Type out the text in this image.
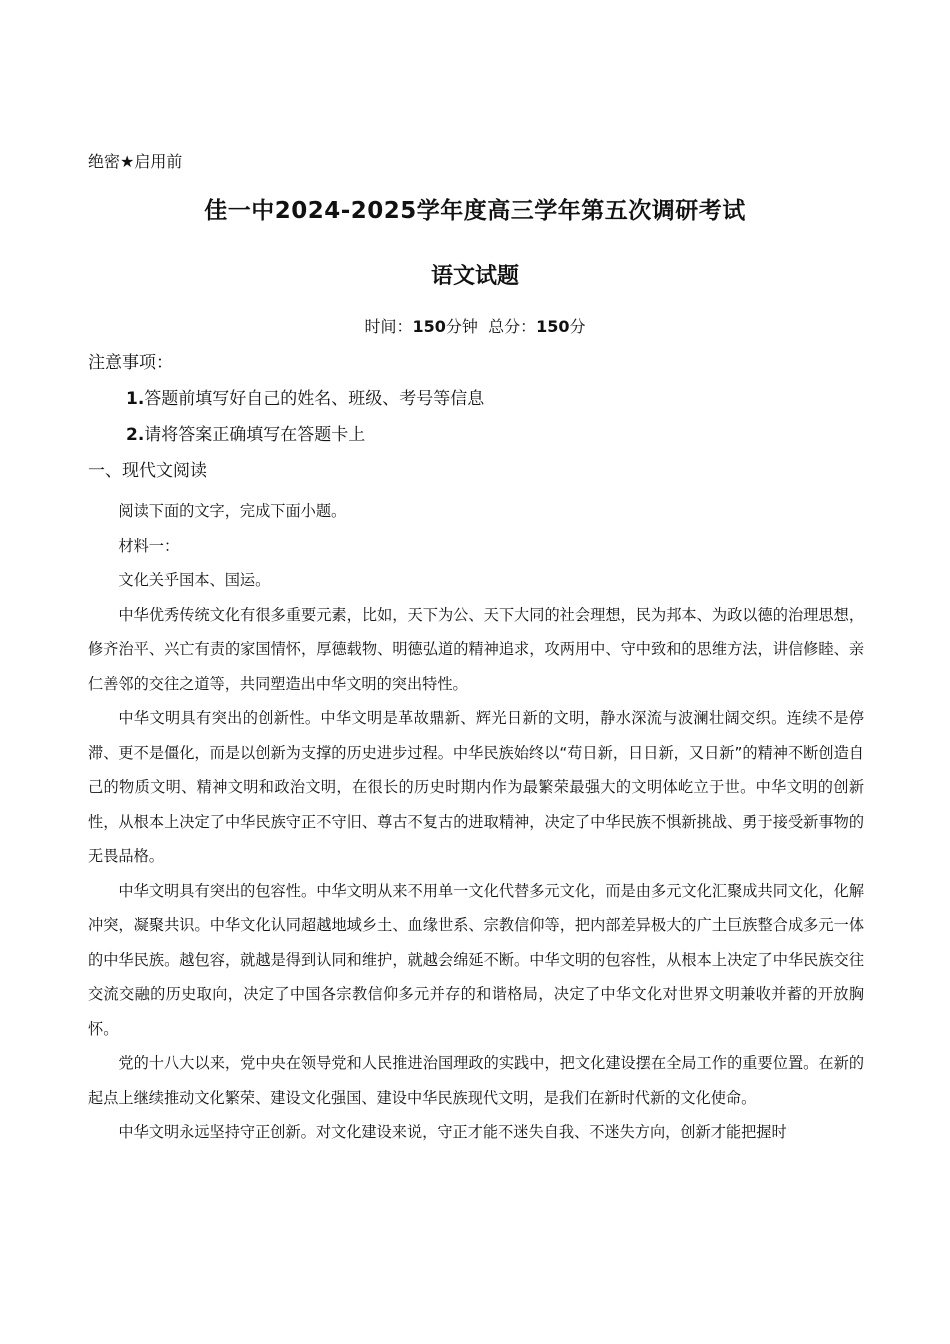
绝密★启用前
佳一中2024-2025学年度高三学年第五次调研考试
语文试题
时间：150分钟 总分：150分
注意事项：
1.答题前填写好自己的姓名、班级、考号等信息
2.请将答案正确填写在答题卡上
一、现代文阅读

阅读下面的文字，完成下面小题。

材料一：

文化关乎国本、国运。

中华优秀传统文化有很多重要元素，比如，天下为公、天下大同的社会理想，民为邦本、为政以德的治理思想，修齐治平、兴亡有责的家国情怀，厚德载物、明德弘道的精神追求，攻两用中、守中致和的思维方法，讲信修睦、亲仁善邻的交往之道等，共同塑造出中华文明的突出特性。

中华文明具有突出的创新性。中华文明是革故鼎新、辉光日新的文明，静水深流与波澜壮阔交织。连续不是停滞、更不是僵化，而是以创新为支撑的历史进步过程。中华民族始终以“苟日新，日日新，又日新”的精神不断创造自己的物质文明、精神文明和政治文明，在很长的历史时期内作为最繁荣最强大的文明体屹立于世。中华文明的创新性，从根本上决定了中华民族守正不守旧、尊古不复古的进取精神，决定了中华民族不惧新挑战、勇于接受新事物的无畏品格。

中华文明具有突出的包容性。中华文明从来不用单一文化代替多元文化，而是由多元文化汇聚成共同文化，化解冲突，凝聚共识。中华文化认同超越地域乡土、血缘世系、宗教信仰等，把内部差异极大的广土巨族整合成多元一体的中华民族。越包容，就越是得到认同和维护，就越会绵延不断。中华文明的包容性，从根本上决定了中华民族交往交流交融的历史取向，决定了中国各宗教信仰多元并存的和谐格局，决定了中华文化对世界文明兼收并蓄的开放胸怀。

党的十八大以来，党中央在领导党和人民推进治国理政的实践中，把文化建设摆在全局工作的重要位置。在新的起点上继续推动文化繁荣、建设文化强国、建设中华民族现代文明，是我们在新时代新的文化使命。

中华文明永远坚持守正创新。对文化建设来说，守正才能不迷失自我、不迷失方向，创新才能把握时
